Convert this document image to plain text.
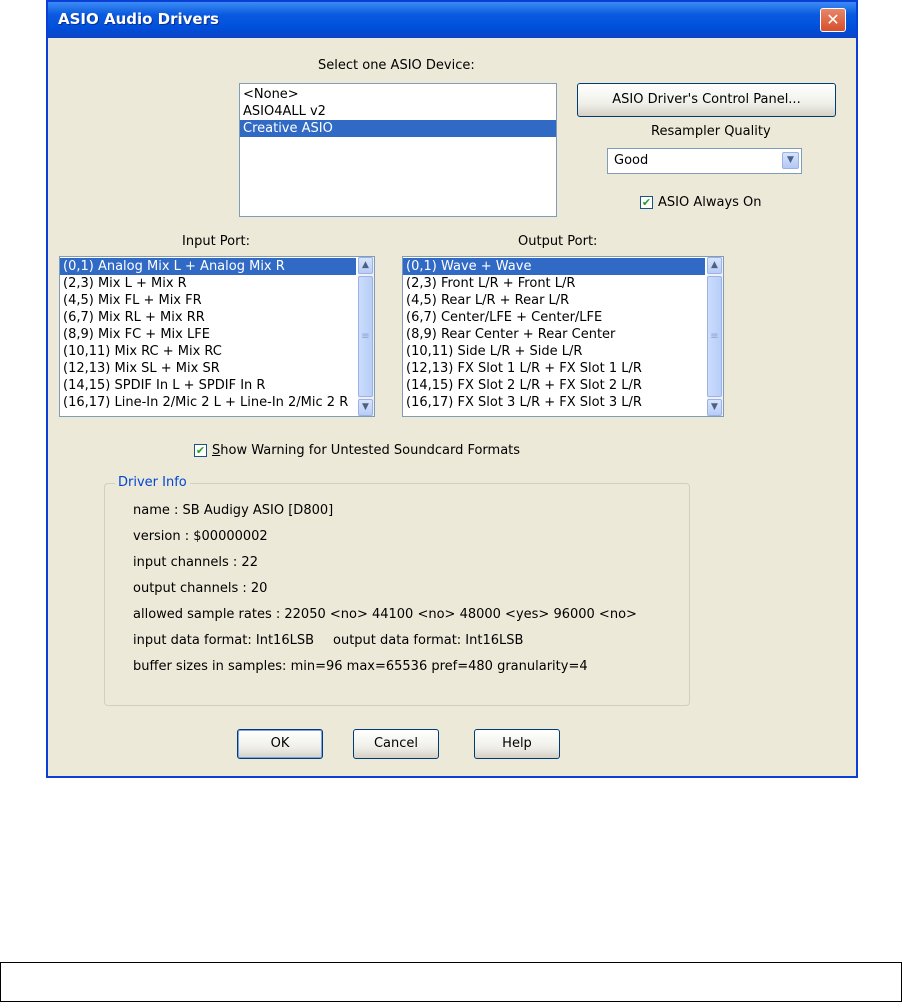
ASIO Audio Drivers	✕
Select one ASIO Device:
<None>
ASIO4ALL v2
Creative ASIO
ASIO Driver's Control Panel...
Resampler Quality
Good	▼
✔ ASIO Always On
Input Port:
(0,1) Analog Mix L + Analog Mix R
(2,3) Mix L + Mix R
(4,5) Mix FL + Mix FR
(6,7) Mix RL + Mix RR
(8,9) Mix FC + Mix LFE
(10,11) Mix RC + Mix RC
(12,13) Mix SL + Mix SR
(14,15) SPDIF In L + SPDIF In R
(16,17) Line-In 2/Mic 2 L + Line-In 2/Mic 2 R
▲
≡
▼
Output Port:
(0,1) Wave + Wave
(2,3) Front L/R + Front L/R
(4,5) Rear L/R + Rear L/R
(6,7) Center/LFE + Center/LFE
(8,9) Rear Center + Rear Center
(10,11) Side L/R + Side L/R
(12,13) FX Slot 1 L/R + FX Slot 1 L/R
(14,15) FX Slot 2 L/R + FX Slot 2 L/R
(16,17) FX Slot 3 L/R + FX Slot 3 L/R
▲
≡
▼
✔ Show Warning for Untested Soundcard Formats
Driver Info
name : SB Audigy ASIO [D800]
version : $00000002
input channels : 22
output channels : 20
allowed sample rates : 22050 <no> 44100 <no> 48000 <yes> 96000 <no>
input data format: Int16LSB output data format: Int16LSB
buffer sizes in samples: min=96 max=65536 pref=480 granularity=4
OK	Cancel	Help
